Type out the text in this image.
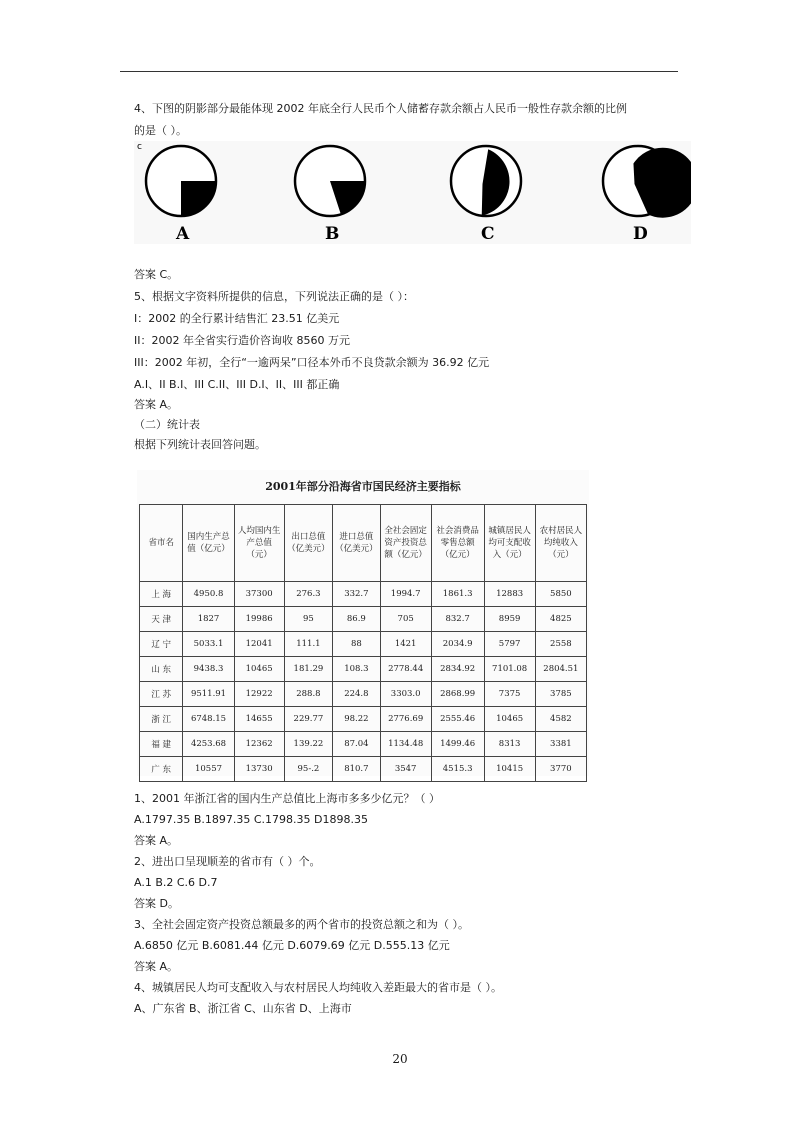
4、下图的阴影部分最能体现 2002 年底全行人民币个人储蓄存款余额占人民币一般性存款余额的比例
的是（ ）。
c
A	B	C	D
答案 C。
5、根据文字资料所提供的信息，下列说法正确的是（ ）：
I：2002 的全行累计结售汇 23.51 亿美元
II：2002 年全省实行造价咨询收 8560 万元
III：2002 年初，全行“一逾两呆”口径本外币不良贷款余额为 36.92 亿元
A.I、II B.I、III C.II、III D.I、II、III 都正确
答案 A。
（二）统计表
根据下列统计表回答问题。
2001年部分沿海省市国民经济主要指标
省市名	国内生产总值（亿元）	人均国内生产总值（元）	出口总值（亿美元）	进口总值（亿美元）	全社会固定资产投资总额（亿元）	社会消费品零售总额（亿元）	城镇居民人均可支配收入（元）	农村居民人均纯收入（元）
上 海	4950.8	37300	276.3	332.7	1994.7	1861.3	12883	5850
天 津	1827	19986	95	86.9	705	832.7	8959	4825
辽 宁	5033.1	12041	111.1	88	1421	2034.9	5797	2558
山 东	9438.3	10465	181.29	108.3	2778.44	2834.92	7101.08	2804.51
江 苏	9511.91	12922	288.8	224.8	3303.0	2868.99	7375	3785
浙 江	6748.15	14655	229.77	98.22	2776.69	2555.46	10465	4582
福 建	4253.68	12362	139.22	87.04	1134.48	1499.46	8313	3381
广 东	10557	13730	95-.2	810.7	3547	4515.3	10415	3770
1、2001 年浙江省的国内生产总值比上海市多多少亿元？（ ）
A.1797.35 B.1897.35 C.1798.35 D1898.35
答案 A。
2、进出口呈现顺差的省市有（ ）个。
A.1 B.2 C.6 D.7
答案 D。
3、全社会固定资产投资总额最多的两个省市的投资总额之和为（ ）。
A.6850 亿元 B.6081.44 亿元 D.6079.69 亿元 D.555.13 亿元
答案 A。
4、城镇居民人均可支配收入与农村居民人均纯收入差距最大的省市是（ ）。
A、广东省 B、浙江省 C、山东省 D、上海市
20
